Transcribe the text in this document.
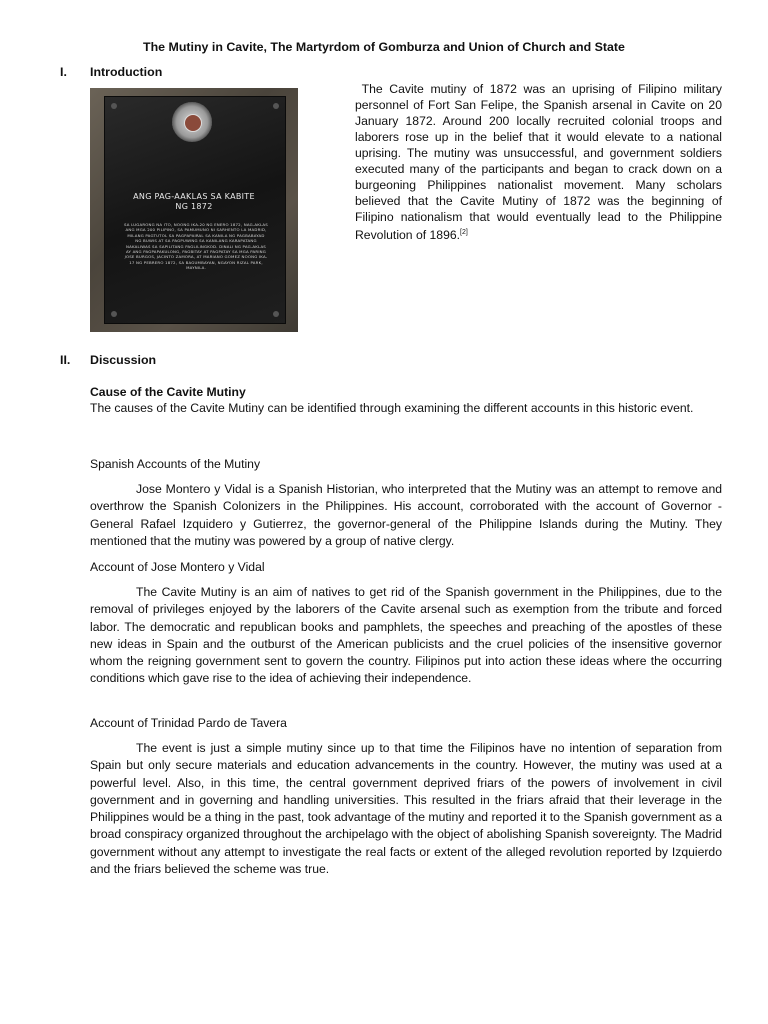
The Mutiny in Cavite, The Martyrdom of Gomburza and Union of Church and State
I. Introduction
ANG PAG-AAKLAS SA KABITE
NG 1872
SA LUGARONG NA ITO, NOONG IKA-20 NG ENERO 1872, NAG-AKLAS ANG MGA 200 PILIPINO, SA PAMUMUNO NI SARHENTO LA MADRID, MILANG PAGTUTOL SA PAGPAPAIRAL SA KANILA NG PAGBABAYAD NG BUWIS AT SA PAGPUWING SA KANILANG KARAPATANG NAKALIWAS SA SAPILITANG PAGLILINGKOD. DINALI NG PAG-AKLAS AY ANG PAGPAPAKULONG, PAGBITAY AT PAGPATAY SA MGA PARING JOSE BURGOS, JACINTO ZAMORA, AT MARIANO GOMEZ NOONG IKA-17 NG PEBRERO 1872, SA BAGUMBAYAN, NGAYON RIZAL PARK, MAYNILA.
The Cavite mutiny of 1872 was an uprising of Filipino military personnel of Fort San Felipe, the Spanish arsenal in Cavite on 20 January 1872. Around 200 locally recruited colonial troops and laborers rose up in the belief that it would elevate to a national uprising. The mutiny was unsuccessful, and government soldiers executed many of the participants and began to crack down on a burgeoning Philippines nationalist movement. Many scholars believed that the Cavite Mutiny of 1872 was the beginning of Filipino nationalism that would eventually lead to the Philippine Revolution of 1896.[2]
II. Discussion
Cause of the Cavite Mutiny
The causes of the Cavite Mutiny can be identified through examining the different accounts in this historic event.
Spanish Accounts of the Mutiny
Jose Montero y Vidal is a Spanish Historian, who interpreted that the Mutiny was an attempt to remove and overthrow the Spanish Colonizers in the Philippines. His account, corroborated with the account of Governor - General Rafael Izquidero y Gutierrez, the governor-general of the Philippine Islands during the Mutiny. They mentioned that the mutiny was powered by a group of native clergy.
Account of Jose Montero y Vidal
The Cavite Mutiny is an aim of natives to get rid of the Spanish government in the Philippines, due to the removal of privileges enjoyed by the laborers of the Cavite arsenal such as exemption from the tribute and forced labor. The democratic and republican books and pamphlets, the speeches and preaching of the apostles of these new ideas in Spain and the outburst of the American publicists and the cruel policies of the insensitive governor whom the reigning government sent to govern the country. Filipinos put into action these ideas where the occurring conditions which gave rise to the idea of achieving their independence.
Account of Trinidad Pardo de Tavera
The event is just a simple mutiny since up to that time the Filipinos have no intention of separation from Spain but only secure materials and education advancements in the country. However, the mutiny was used at a powerful level. Also, in this time, the central government deprived friars of the powers of involvement in civil government and in governing and handling universities. This resulted in the friars afraid that their leverage in the Philippines would be a thing in the past, took advantage of the mutiny and reported it to the Spanish government as a broad conspiracy organized throughout the archipelago with the object of abolishing Spanish sovereignty. The Madrid government without any attempt to investigate the real facts or extent of the alleged revolution reported by Izquierdo and the friars believed the scheme was true.
